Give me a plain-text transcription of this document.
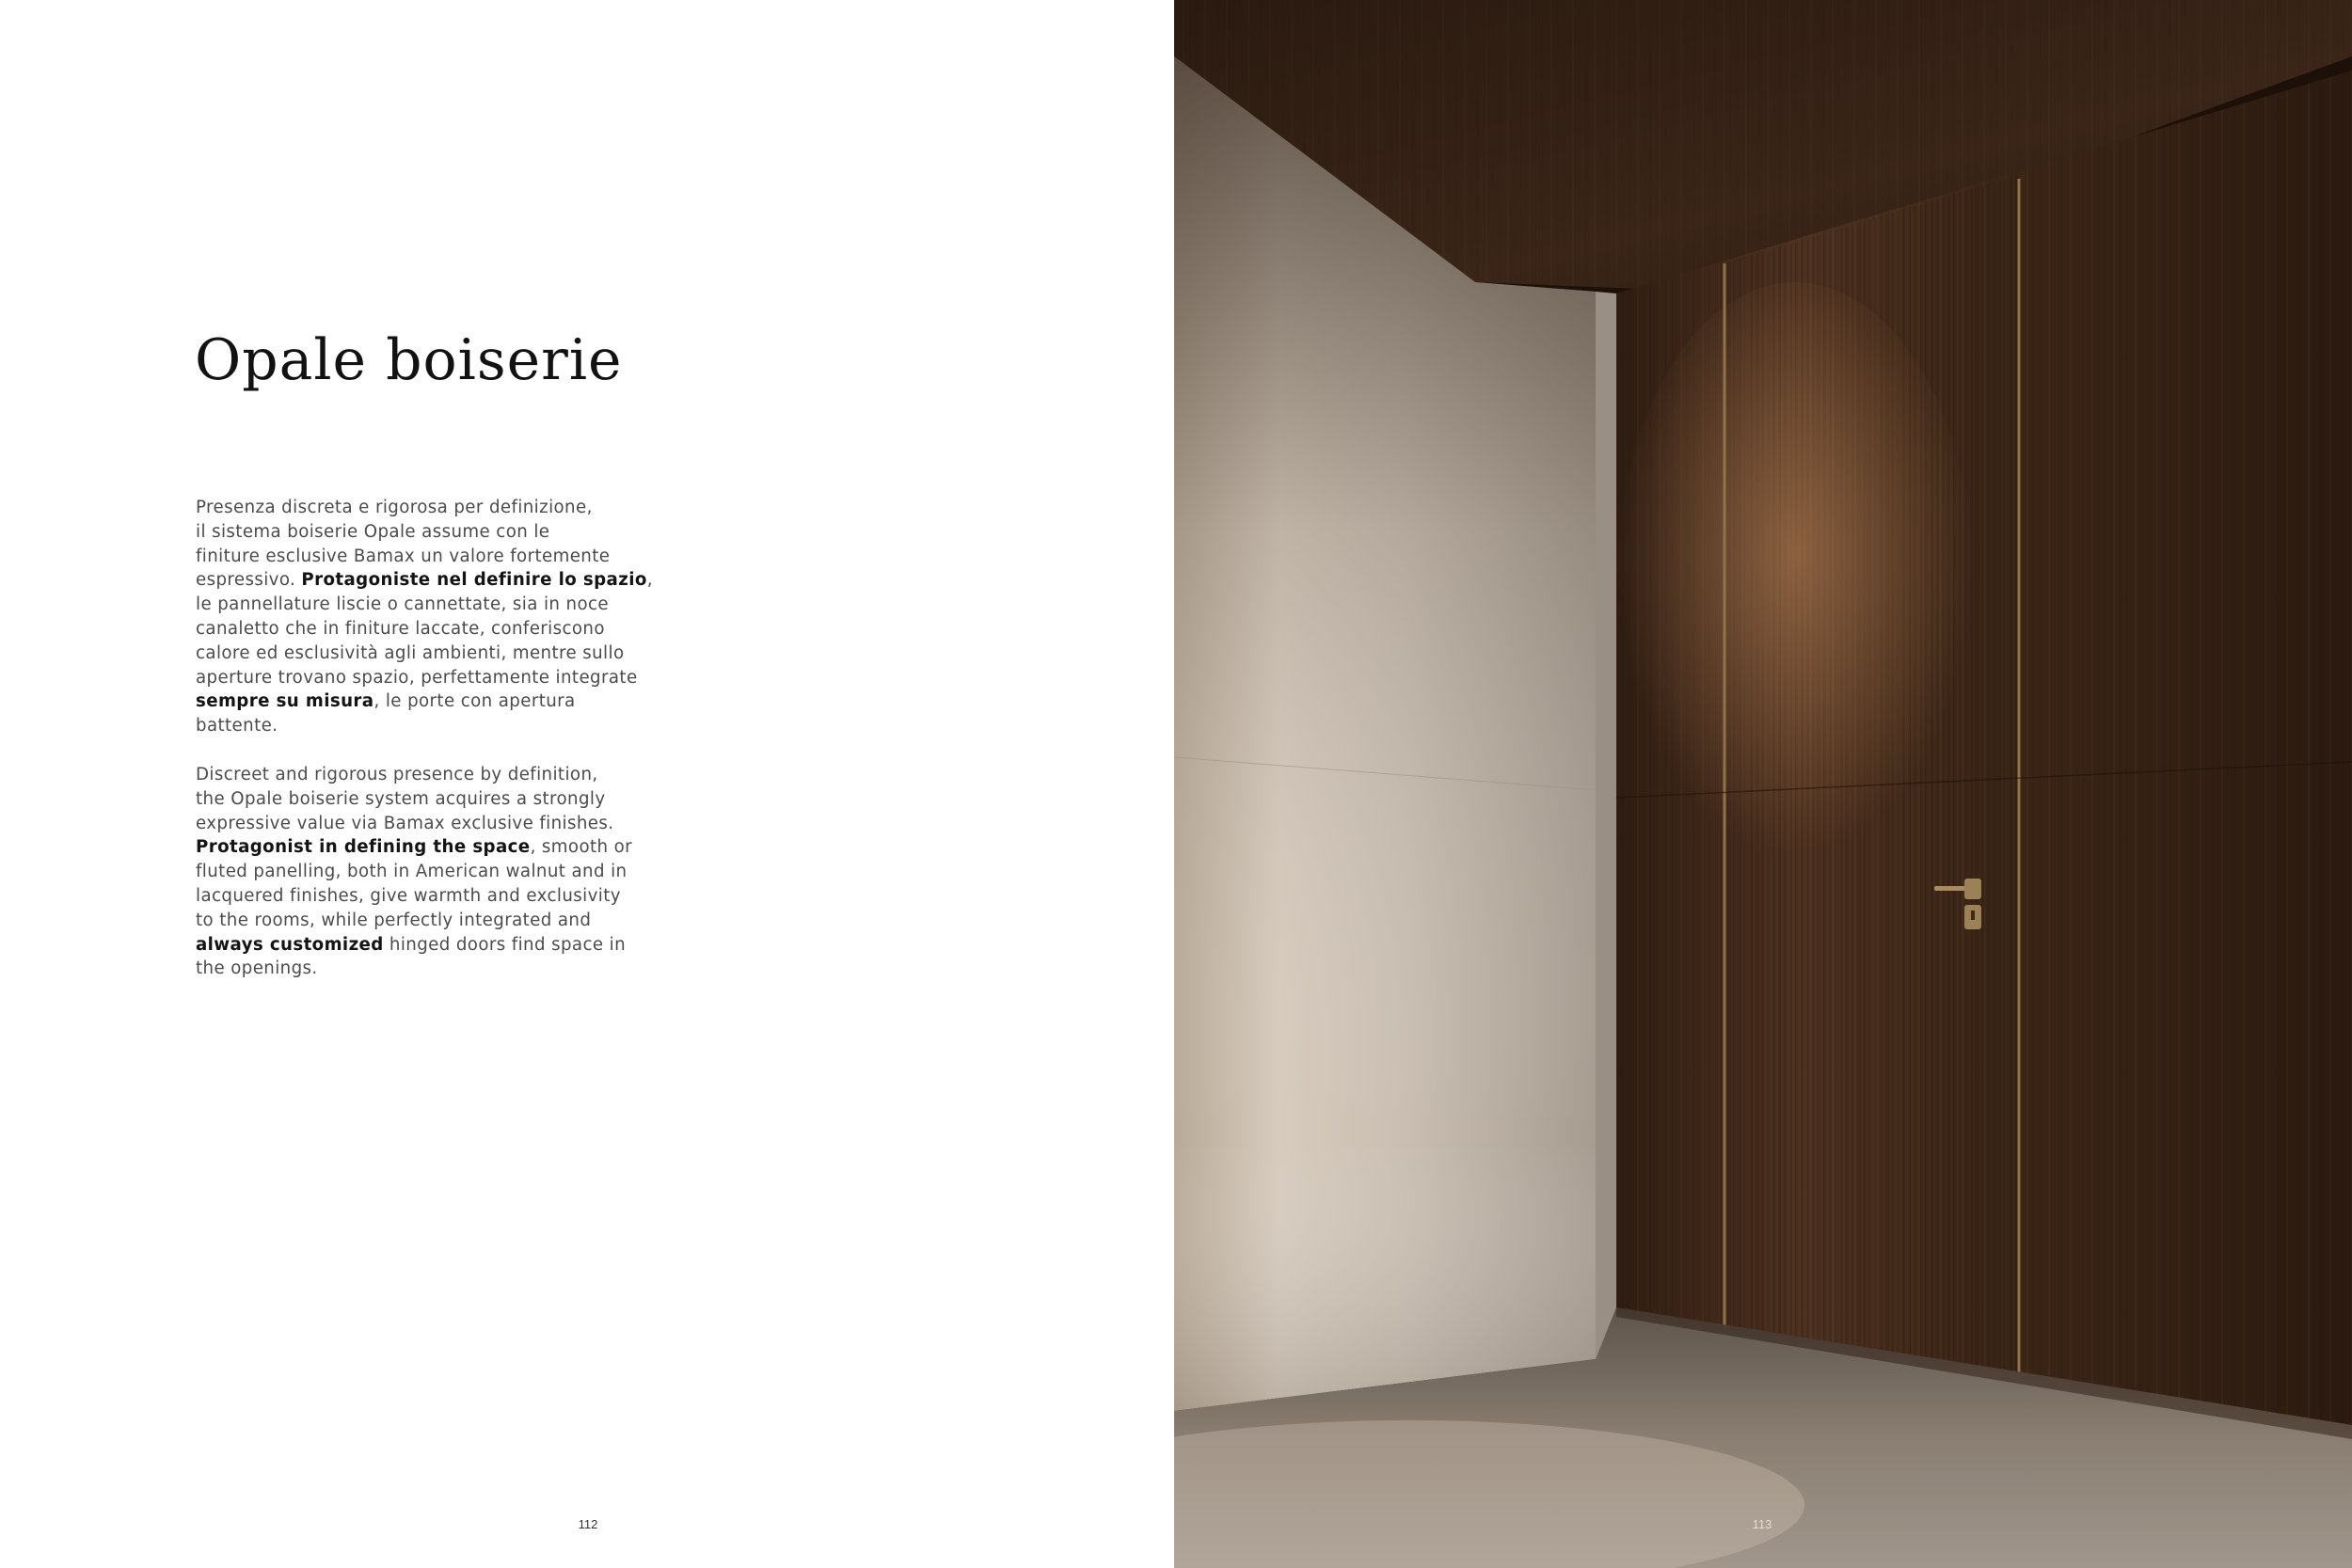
Opale boiserie

Presenza discreta e rigorosa per definizione,
il sistema boiserie Opale assume con le
finiture esclusive Bamax un valore fortemente
espressivo. Protagoniste nel definire lo spazio,
le pannellature liscie o cannettate, sia in noce
canaletto che in finiture laccate, conferiscono
calore ed esclusività agli ambienti, mentre sullo
aperture trovano spazio, perfettamente integrate
sempre su misura, le porte con apertura
battente.

Discreet and rigorous presence by definition,
the Opale boiserie system acquires a strongly
expressive value via Bamax exclusive finishes.
Protagonist in defining the space, smooth or
fluted panelling, both in American walnut and in
lacquered finishes, give warmth and exclusivity
to the rooms, while perfectly integrated and
always customized hinged doors find space in
the openings.

112	113
